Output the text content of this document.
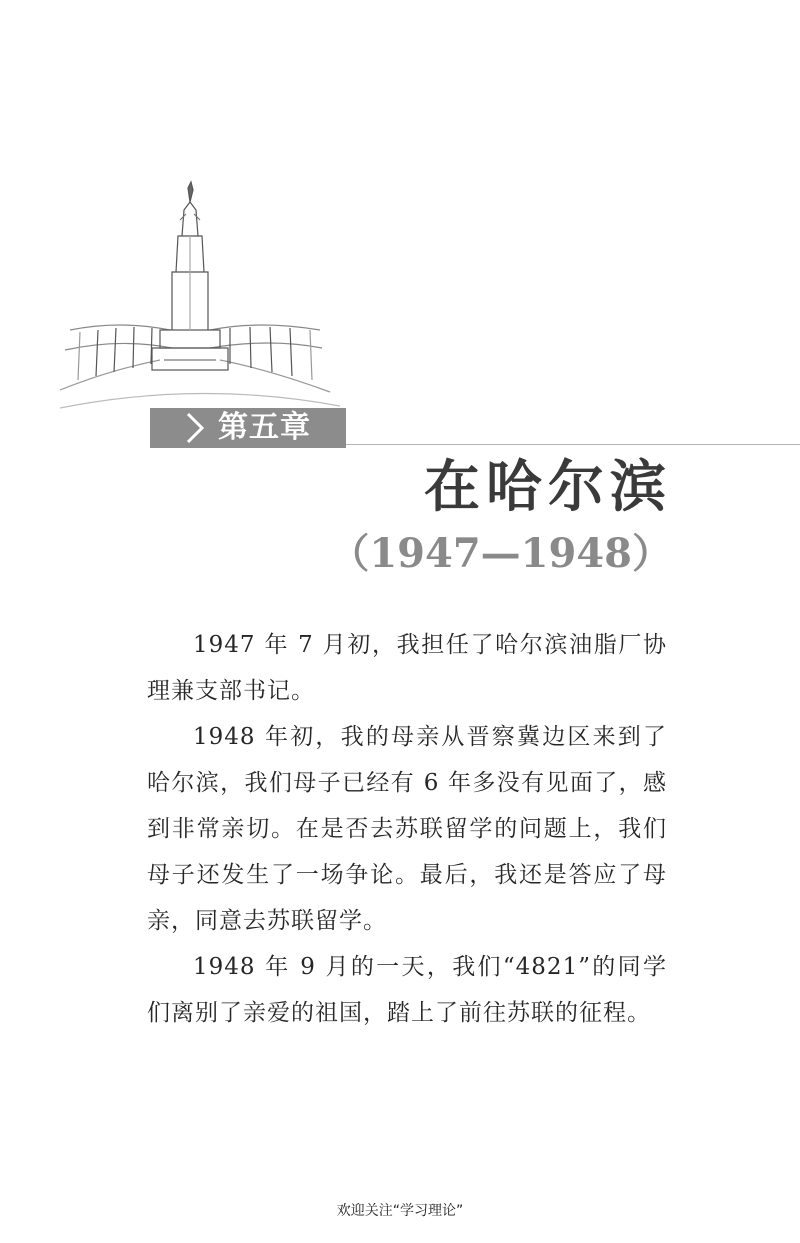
第五章
在哈尔滨
（1947—1948）

1947 年 7 月初，我担任了哈尔滨油脂厂协理兼支部书记。

1948 年初，我的母亲从晋察冀边区来到了哈尔滨，我们母子已经有 6 年多没有见面了，感到非常亲切。在是否去苏联留学的问题上，我们母子还发生了一场争论。最后，我还是答应了母亲，同意去苏联留学。

1948 年 9 月的一天，我们“4821”的同学们离别了亲爱的祖国，踏上了前往苏联的征程。

欢迎关注“学习理论”
